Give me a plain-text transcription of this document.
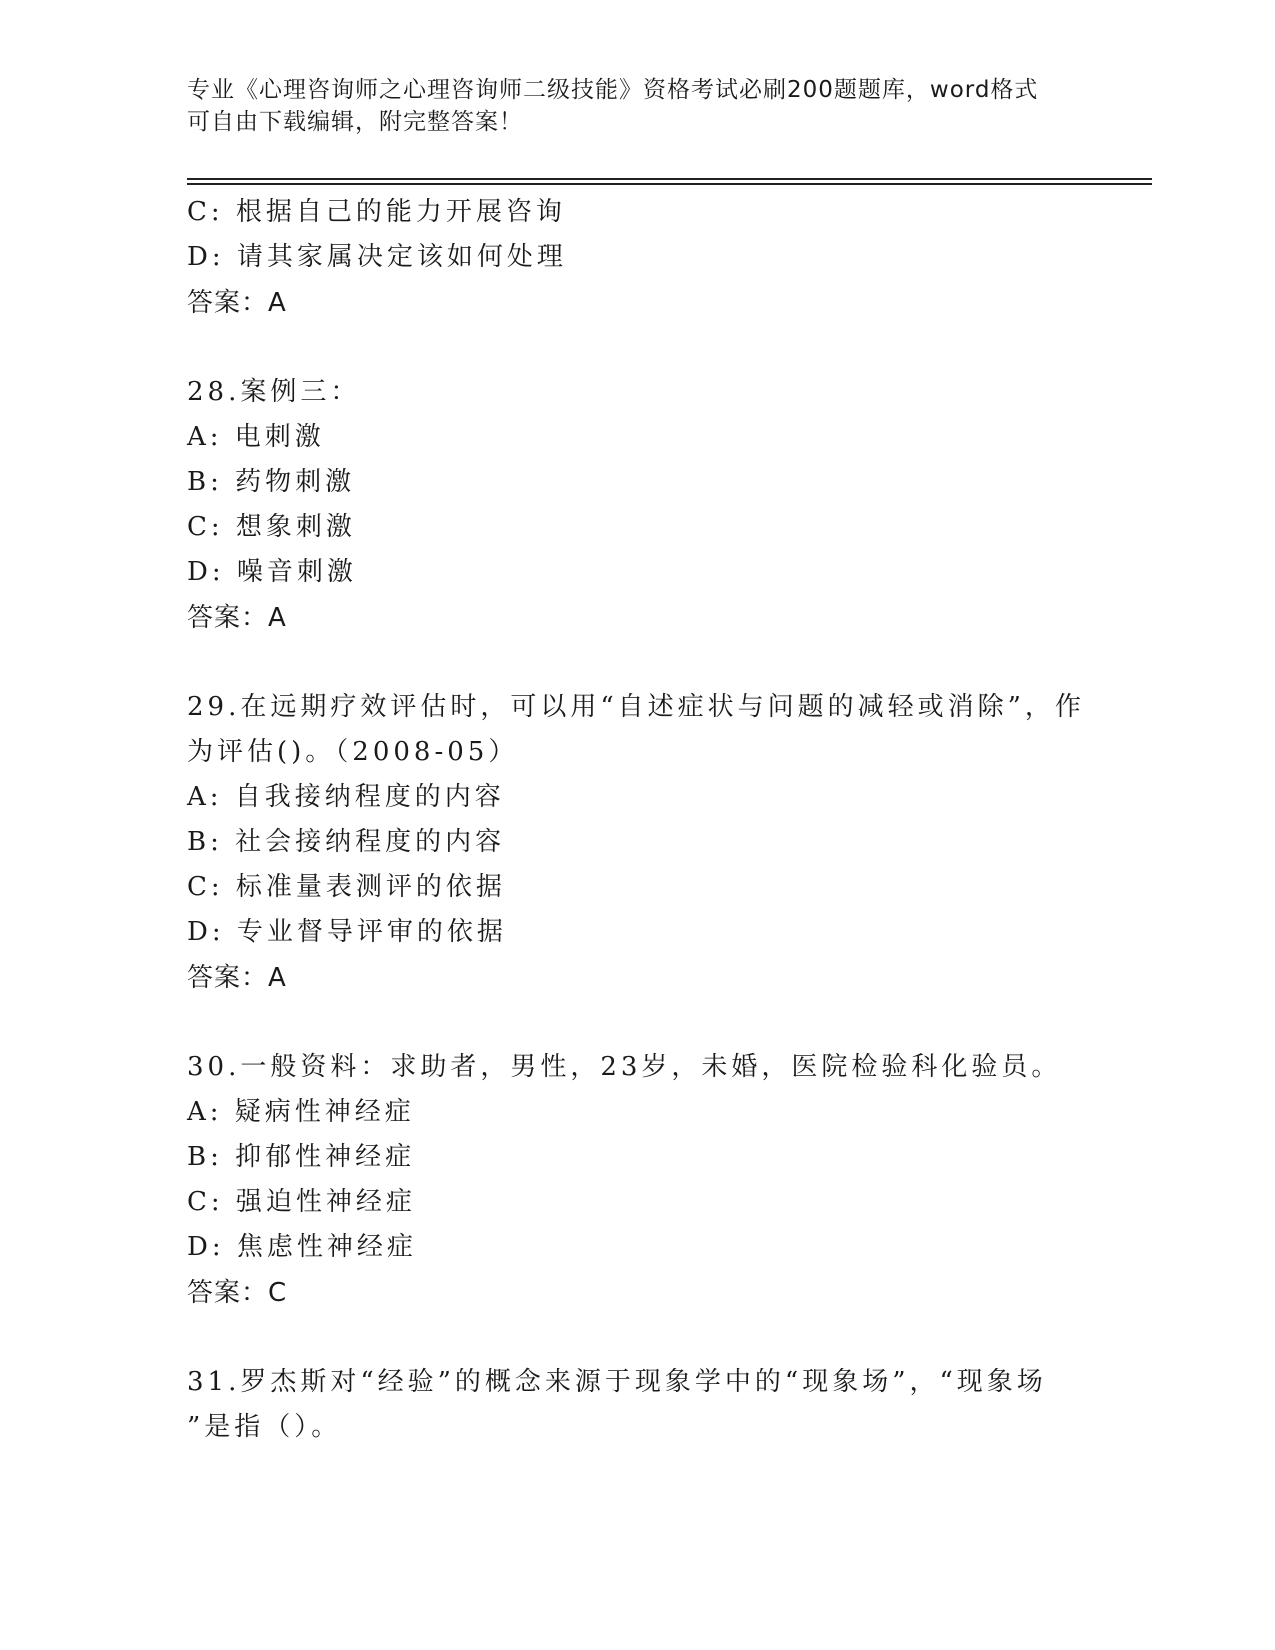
专业《心理咨询师之心理咨询师二级技能》资格考试必刷200题题库，word格式
可自由下载编辑，附完整答案！
C: 根据自己的能力开展咨询
D: 请其家属决定该如何处理
答案：A
28.案例三：
A: 电刺激
B: 药物刺激
C: 想象刺激
D: 噪音刺激
答案：A
29.在远期疗效评估时，可以用“自述症状与问题的减轻或消除”，作
为评估()。（2008-05）
A: 自我接纳程度的内容
B: 社会接纳程度的内容
C: 标准量表测评的依据
D: 专业督导评审的依据
答案：A
30.一般资料：求助者，男性，23岁，未婚，医院检验科化验员。
A: 疑病性神经症
B: 抑郁性神经症
C: 强迫性神经症
D: 焦虑性神经症
答案：C
31.罗杰斯对“经验”的概念来源于现象学中的“现象场”，“现象场
”是指（）。
